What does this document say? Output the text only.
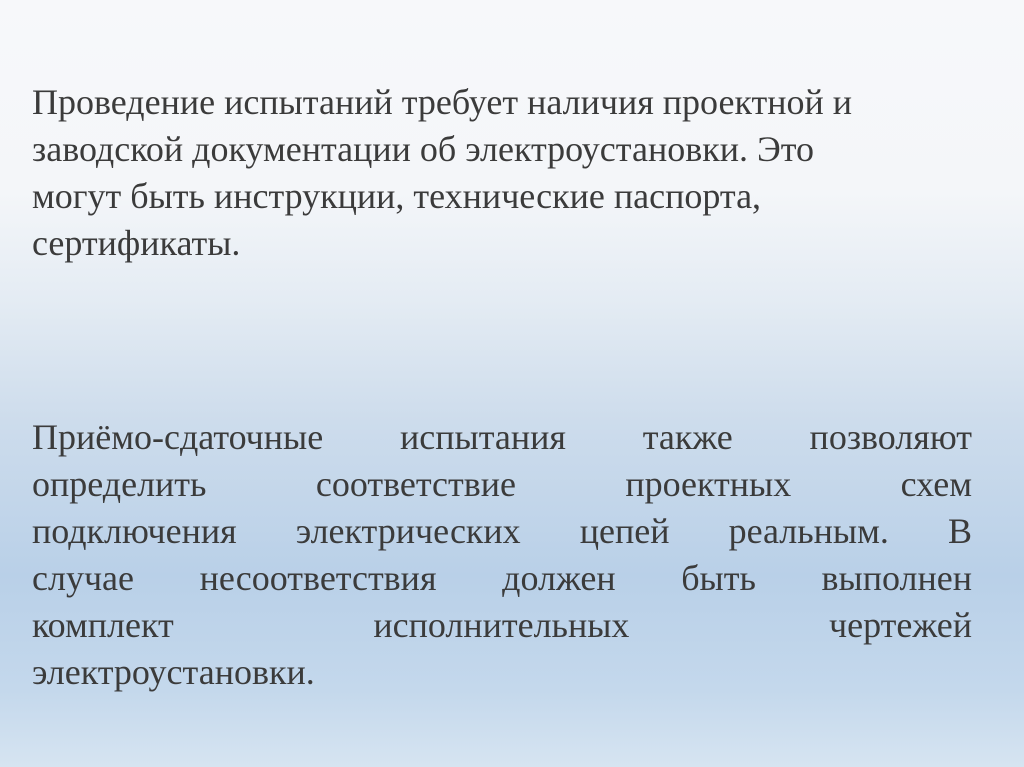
Проведение испытаний требует наличия проектной и
заводской документации об электроустановки. Это
могут быть инструкции, технические паспорта,
сертификаты.

Приёмо-сдаточные испытания также позволяют
определить соответствие проектных схем
подключения электрических цепей реальным. В
случае несоответствия должен быть выполнен
комплект исполнительных чертежей
электроустановки.
